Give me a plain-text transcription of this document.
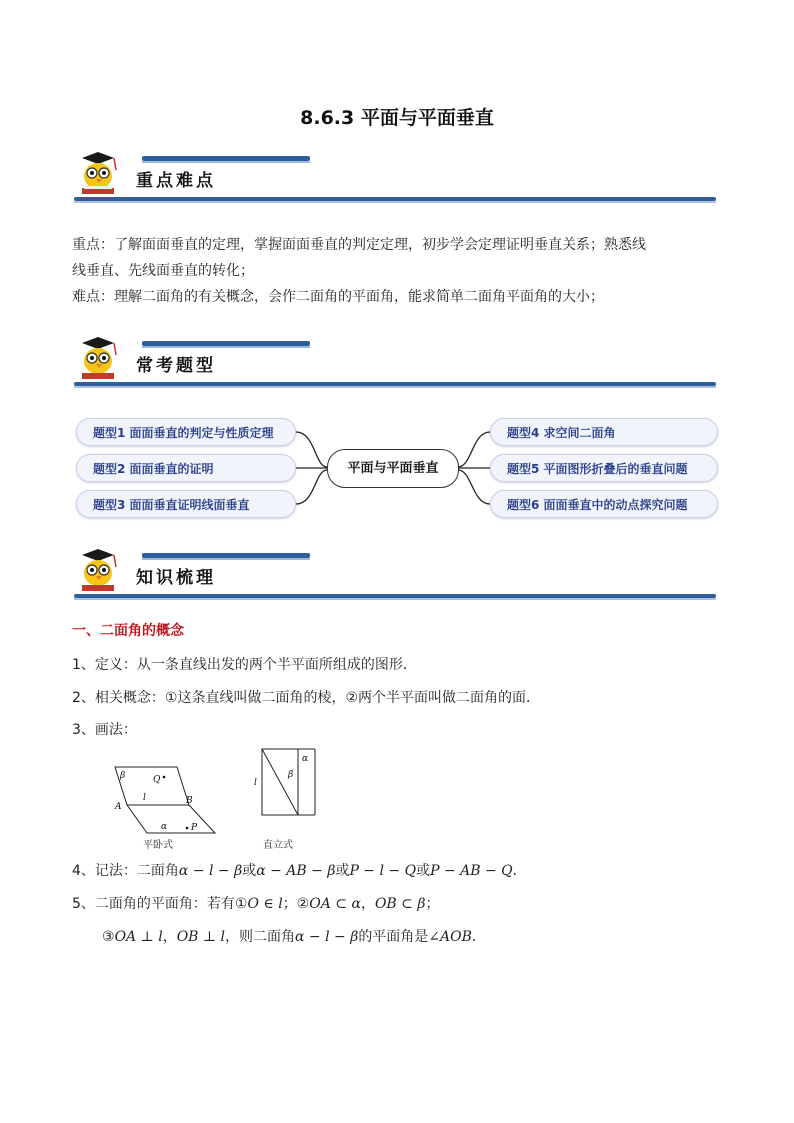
8.6.3 平面与平面垂直
重点难点
重点：了解面面垂直的定理，掌握面面垂直的判定定理，初步学会定理证明垂直关系；熟悉线
线垂直、先线面垂直的转化；
难点：理解二面角的有关概念，会作二面角的平面角，能求简单二面角平面角的大小；
常考题型
题型1 面面垂直的判定与性质定理
题型2 面面垂直的证明
题型3 面面垂直证明线面垂直
平面与平面垂直
题型4 求空间二面角
题型5 平面图形折叠后的垂直问题
题型6 面面垂直中的动点探究问题
知识梳理
一、二面角的概念
1、定义：从一条直线出发的两个半平面所组成的图形．
2、相关概念：①这条直线叫做二面角的棱，②两个半平面叫做二面角的面．
3、画法：
β	Q
l
A
B
α	P
α
β
l
平卧式	直立式
4、记法：二面角α − l − β或α − AB − β或P − l − Q或P − AB − Q．
5、二面角的平面角：若有①O ∈ l；②OA ⊂ α，OB ⊂ β；
③OA ⊥ l，OB ⊥ l，则二面角α − l − β的平面角是∠AOB．
